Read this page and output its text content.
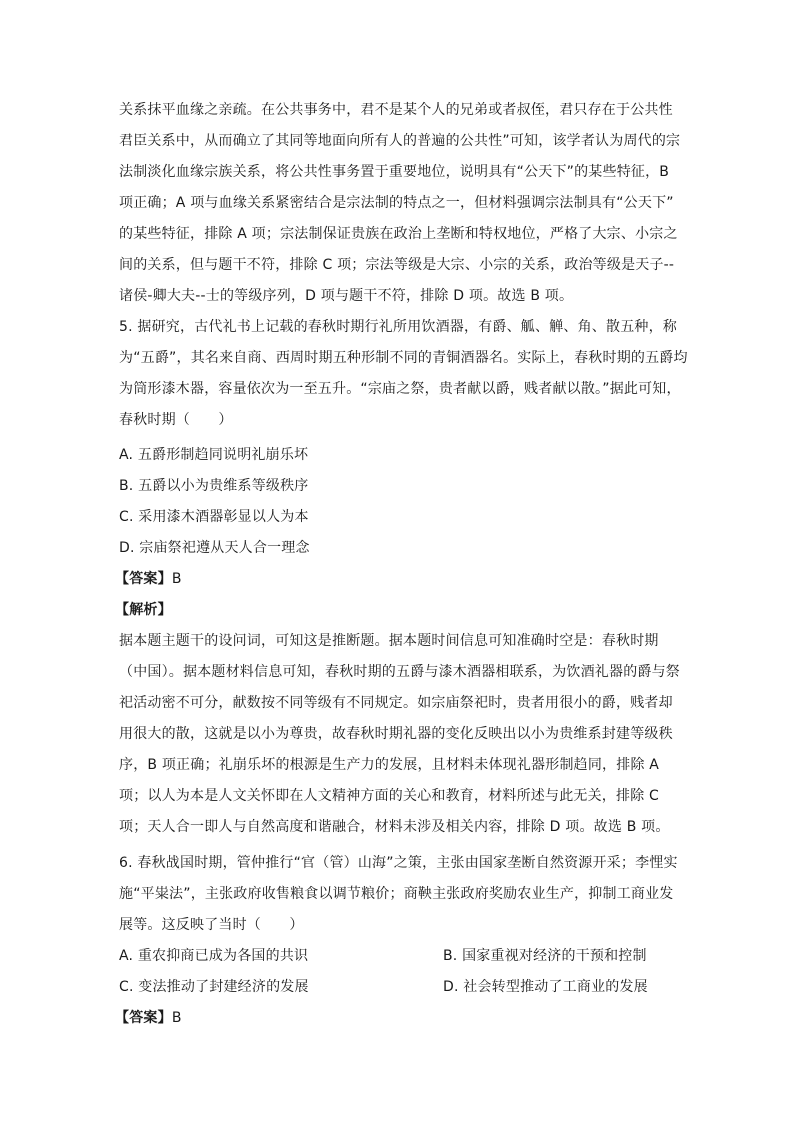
关系抹平血缘之亲疏。在公共事务中，君不是某个人的兄弟或者叔侄，君只存在于公共性
君臣关系中，从而确立了其同等地面向所有人的普遍的公共性”可知，该学者认为周代的宗
法制淡化血缘宗族关系，将公共性事务置于重要地位，说明具有“公天下”的某些特征，B
项正确；A 项与血缘关系紧密结合是宗法制的特点之一，但材料强调宗法制具有“公天下”
的某些特征，排除 A 项；宗法制保证贵族在政治上垄断和特权地位，严格了大宗、小宗之
间的关系，但与题干不符，排除 C 项；宗法等级是大宗、小宗的关系，政治等级是天子--
诸侯-卿大夫--士的等级序列，D 项与题干不符，排除 D 项。故选 B 项。
5. 据研究，古代礼书上记载的春秋时期行礼所用饮酒器，有爵、觚、觯、角、散五种，称
为“五爵”，其名来自商、西周时期五种形制不同的青铜酒器名。实际上，春秋时期的五爵均
为筒形漆木器，容量依次为一至五升。“宗庙之祭，贵者献以爵，贱者献以散。”据此可知，
春秋时期（　　）
A. 五爵形制趋同说明礼崩乐坏
B. 五爵以小为贵维系等级秩序
C. 采用漆木酒器彰显以人为本
D. 宗庙祭祀遵从天人合一理念
【答案】B
【解析】
据本题主题干的设问词，可知这是推断题。据本题时间信息可知准确时空是：春秋时期
（中国）。据本题材料信息可知，春秋时期的五爵与漆木酒器相联系，为饮酒礼器的爵与祭
祀活动密不可分，献数按不同等级有不同规定。如宗庙祭祀时，贵者用很小的爵，贱者却
用很大的散，这就是以小为尊贵，故春秋时期礼器的变化反映出以小为贵维系封建等级秩
序，B 项正确；礼崩乐坏的根源是生产力的发展，且材料未体现礼器形制趋同，排除 A
项；以人为本是人文关怀即在人文精神方面的关心和教育，材料所述与此无关，排除 C
项；天人合一即人与自然高度和谐融合，材料未涉及相关内容，排除 D 项。故选 B 项。
6. 春秋战国时期，管仲推行“官（管）山海”之策，主张由国家垄断自然资源开采；李悝实
施“平粜法”，主张政府收售粮食以调节粮价；商鞅主张政府奖励农业生产，抑制工商业发
展等。这反映了当时（　　）
A. 重农抑商已成为各国的共识	B. 国家重视对经济的干预和控制
C. 变法推动了封建经济的发展	D. 社会转型推动了工商业的发展
【答案】B
